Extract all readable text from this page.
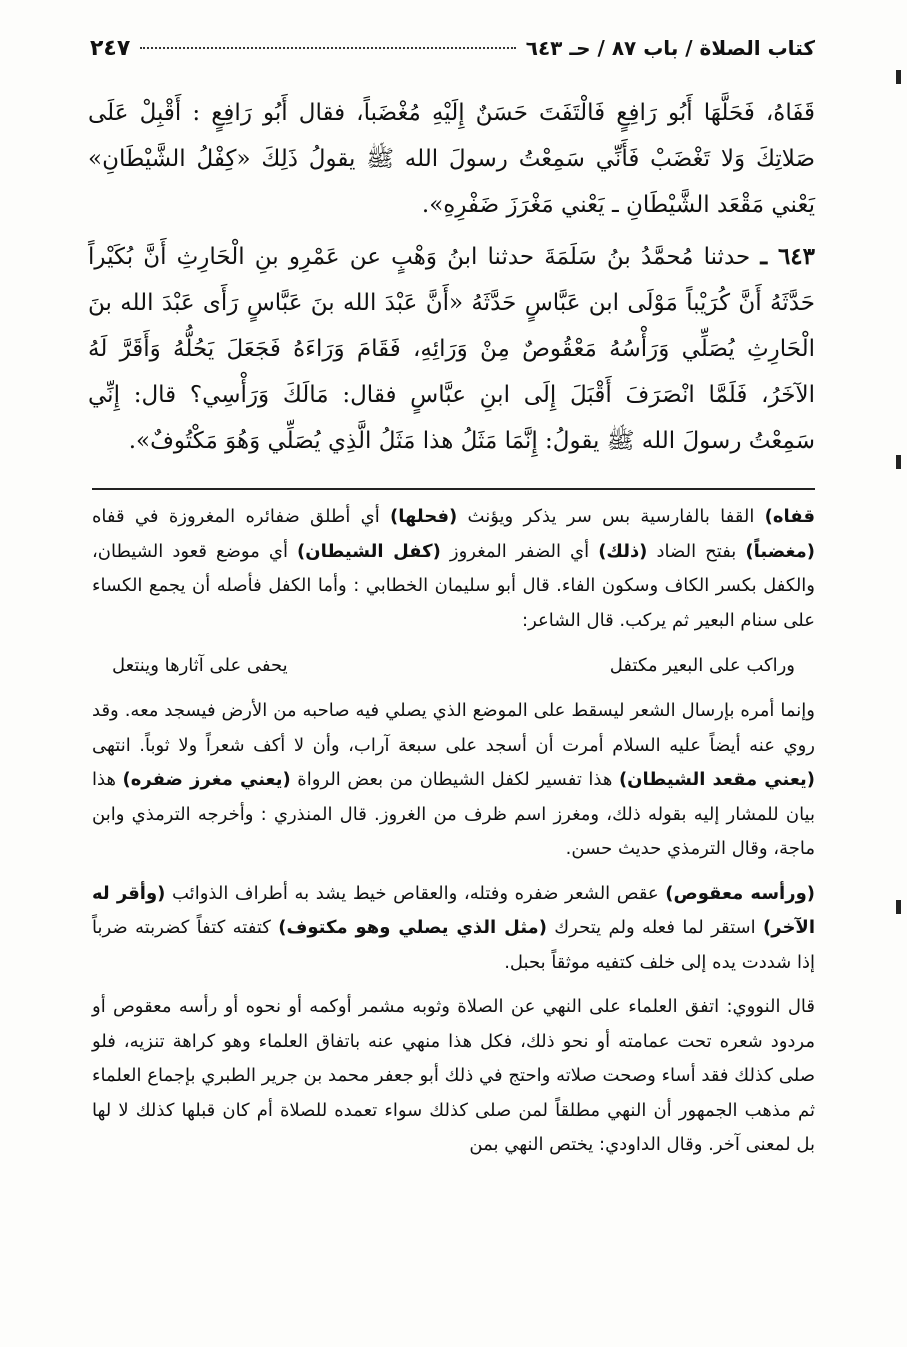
كتاب الصلاة / باب ٨٧ / حـ ٦٤٣
٢٤٧

قَفَاهُ، فَحَلَّهَا أَبُو رَافِعٍ فَالْتَفَتَ حَسَنٌ إِلَيْهِ مُغْضَباً، فقال أَبُو رَافِعٍ : أَقْبِلْ عَلَى صَلاتِكَ وَلا تَغْضَبْ فَأَنِّي سَمِعْتُ رسولَ الله ﷺ يقولُ ذَلِكَ «كِفْلُ الشَّيْطَانِ» يَعْني مَقْعَد الشَّيْطَانِ ـ يَعْني مَغْرَزَ ضَفْرِهِ».

٦٤٣ ـ حدثنا مُحمَّدُ بنُ سَلَمَةَ حدثنا ابنُ وَهْبٍ عن عَمْرِو بنِ الْحَارِثِ أَنَّ بُكَيْراً حَدَّثَهُ أَنَّ كُرَيْباً مَوْلَى ابن عَبَّاسٍ حَدَّثَهُ «أَنَّ عَبْدَ الله بنَ عَبَّاسٍ رَأَى عَبْدَ الله بنَ الْحَارِثِ يُصَلِّي وَرَأْسُهُ مَعْقُوصٌ مِنْ وَرَائِهِ، فَقَامَ وَرَاءَهُ فَجَعَلَ يَحُلُّهُ وَأَقَرَّ لَهُ الآخَرُ، فَلَمَّا انْصَرَفَ أَقْبَلَ إِلَى ابنِ عبَّاسٍ فقال: مَالَكَ وَرَأْسِي؟ قال: إِنِّي سَمِعْتُ رسولَ الله ﷺ يقولُ: إِنَّمَا مَثَلُ هذا مَثَلُ الَّذِي يُصَلِّي وَهُوَ مَكْتُوفٌ».

قفاه) القفا بالفارسية بس سر يذكر ويؤنث (فحلها) أي أطلق ضفائره المغروزة في قفاه (مغضباً) بفتح الضاد (ذلك) أي الضفر المغروز (كفل الشيطان) أي موضع قعود الشيطان، والكفل بكسر الكاف وسكون الفاء. قال أبو سليمان الخطابي : وأما الكفل فأصله أن يجمع الكساء على سنام البعير ثم يركب. قال الشاعر:

وراكب على البعير مكتفل
يحفى على آثارها وينتعل

وإنما أمره بإرسال الشعر ليسقط على الموضع الذي يصلي فيه صاحبه من الأرض فيسجد معه. وقد روي عنه أيضاً عليه السلام أمرت أن أسجد على سبعة آراب، وأن لا أكف شعراً ولا ثوباً. انتهى (يعني مقعد الشيطان) هذا تفسير لكفل الشيطان من بعض الرواة (يعني مغرز ضفره) هذا بيان للمشار إليه بقوله ذلك، ومغرز اسم ظرف من الغروز. قال المنذري : وأخرجه الترمذي وابن ماجة، وقال الترمذي حديث حسن.

(ورأسه معقوص) عقص الشعر ضفره وفتله، والعقاص خيط يشد به أطراف الذوائب (وأقر له الآخر) استقر لما فعله ولم يتحرك (مثل الذي يصلي وهو مكتوف) كتفته كتفاً كضربته ضرباً إذا شددت يده إلى خلف كتفيه موثقاً بحبل.

قال النووي: اتفق العلماء على النهي عن الصلاة وثوبه مشمر أوكمه أو نحوه أو رأسه معقوص أو مردود شعره تحت عمامته أو نحو ذلك، فكل هذا منهي عنه باتفاق العلماء وهو كراهة تنزيه، فلو صلى كذلك فقد أساء وصحت صلاته واحتج في ذلك أبو جعفر محمد بن جرير الطبري بإجماع العلماء ثم مذهب الجمهور أن النهي مطلقاً لمن صلى كذلك سواء تعمده للصلاة أم كان قبلها كذلك لا لها بل لمعنى آخر. وقال الداودي: يختص النهي بمن
